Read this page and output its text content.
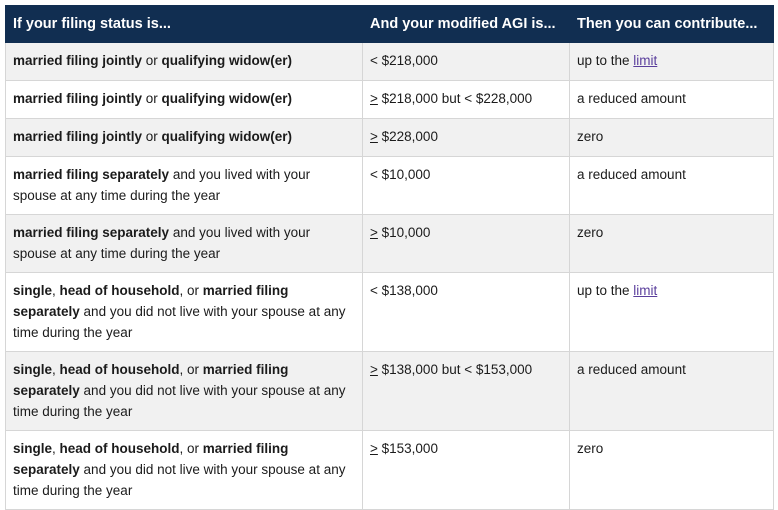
If your filing status is...	And your modified AGI is...	Then you can contribute...
married filing jointly or qualifying widow(er)	< $218,000	up to the limit
married filing jointly or qualifying widow(er)	≥ $218,000 but < $228,000	a reduced amount
married filing jointly or qualifying widow(er)	≥ $228,000	zero
married filing separately and you lived with your spouse at any time during the year	< $10,000	a reduced amount
married filing separately and you lived with your spouse at any time during the year	≥ $10,000	zero
single, head of household, or married filing separately and you did not live with your spouse at any time during the year	< $138,000	up to the limit
single, head of household, or married filing separately and you did not live with your spouse at any time during the year	≥ $138,000 but < $153,000	a reduced amount
single, head of household, or married filing separately and you did not live with your spouse at any time during the year	≥ $153,000	zero
